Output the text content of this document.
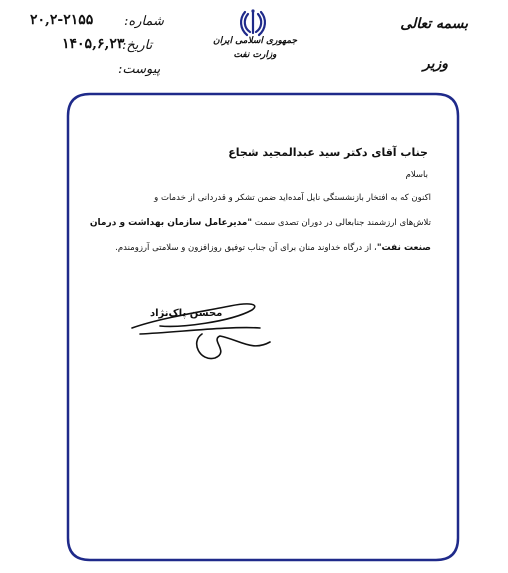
شماره:
۲۰,۲-۲۱۵۵
تاریخ:
۱۴۰۵,۶,۲۳
پیوست:
جمهوری اسلامی ایران
وزارت نفت
بسمه تعالی
وزیر
جناب آقای دکتر سید عبدالمجید شجاع
باسلام
اکنون که به افتخار بازنشستگی نایل آمده‌اید ضمن تشکر و قدردانی از خدمات و
تلاش‌های ارزشمند جنابعالی در دوران تصدی سمت "مدیرعامل سازمان بهداشت و درمان
صنعت نفت"، از درگاه خداوند منان برای آن جناب توفیق روزافزون و سلامتی آرزومندم.
محسن پاک‌نژاد
